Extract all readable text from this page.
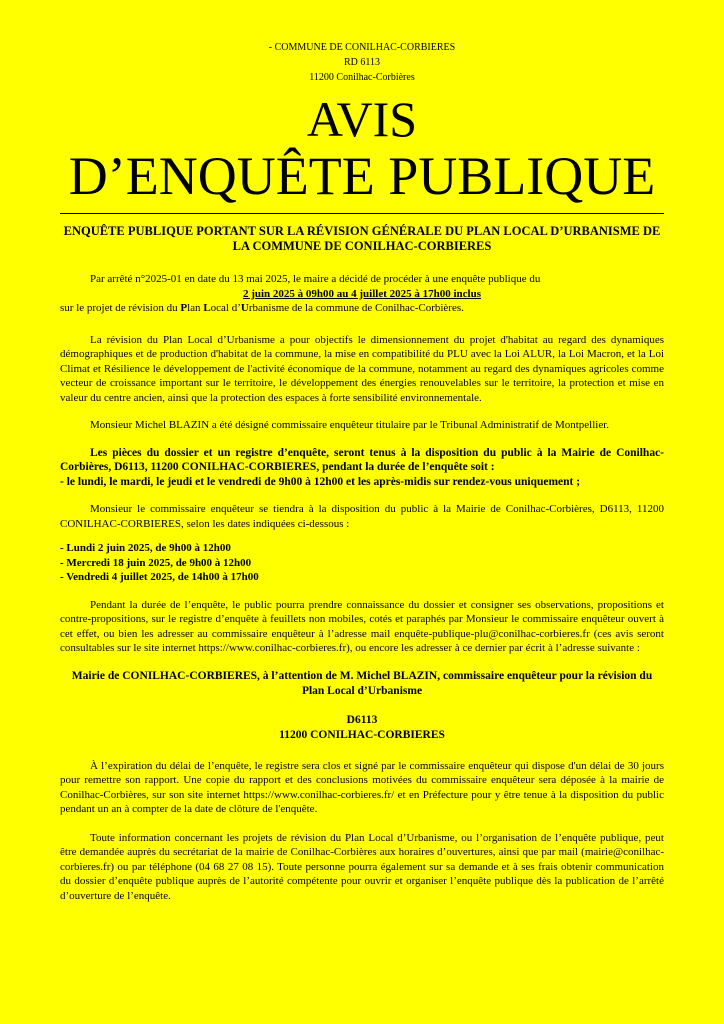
- COMMUNE DE CONILHAC-CORBIERES
RD 6113
11200 Conilhac-Corbières
AVIS
D’ENQUÊTE PUBLIQUE
ENQUÊTE PUBLIQUE PORTANT SUR LA RÉVISION GÉNÉRALE DU PLAN LOCAL D’URBANISME DE LA COMMUNE DE CONILHAC-CORBIERES

Par arrêté n°2025-01 en date du 13 mai 2025, le maire a décidé de procéder à une enquête publique du

2 juin 2025 à 09h00 au 4 juillet 2025 à 17h00 inclus

sur le projet de révision du Plan Local d’Urbanisme de la commune de Conilhac-Corbières.

La révision du Plan Local d’Urbanisme a pour objectifs le dimensionnement du projet d'habitat au regard des dynamiques démographiques et de production d'habitat de la commune, la mise en compatibilité du PLU avec la Loi ALUR, la Loi Macron, et la Loi Climat et Résilience le développement de l'activité économique de la commune, notamment au regard des dynamiques agricoles comme vecteur de croissance important sur le territoire, le développement des énergies renouvelables sur le territoire, la protection et mise en valeur du centre ancien, ainsi que la protection des espaces à forte sensibilité environnementale.

Monsieur Michel BLAZIN a été désigné commissaire enquêteur titulaire par le Tribunal Administratif de Montpellier.

Les pièces du dossier et un registre d’enquête, seront tenus à la disposition du public à la Mairie de Conilhac-Corbières, D6113, 11200 CONILHAC-CORBIERES, pendant la durée de l’enquête soit :

- le lundi, le mardi, le jeudi et le vendredi de 9h00 à 12h00 et les après-midis sur rendez-vous uniquement ;

Monsieur le commissaire enquêteur se tiendra à la disposition du public à la Mairie de Conilhac-Corbières, D6113, 11200 CONILHAC-CORBIERES, selon les dates indiquées ci-dessous :

- Lundi 2 juin 2025, de 9h00 à 12h00
- Mercredi 18 juin 2025, de 9h00 à 12h00
- Vendredi 4 juillet 2025, de 14h00 à 17h00

Pendant la durée de l’enquête, le public pourra prendre connaissance du dossier et consigner ses observations, propositions et contre-propositions, sur le registre d’enquête à feuillets non mobiles, cotés et paraphés par Monsieur le commissaire enquêteur ouvert à cet effet, ou bien les adresser au commissaire enquêteur à l’adresse mail enquête-publique-plu@conilhac-corbieres.fr (ces avis seront consultables sur le site internet https://www.conilhac-corbieres.fr), ou encore les adresser à ce dernier par écrit à l’adresse suivante :

Mairie de CONILHAC-CORBIERES, à l’attention de M. Michel BLAZIN, commissaire enquêteur pour la révision du Plan Local d’Urbanisme
D6113
11200 CONILHAC-CORBIERES

À l’expiration du délai de l’enquête, le registre sera clos et signé par le commissaire enquêteur qui dispose d'un délai de 30 jours pour remettre son rapport. Une copie du rapport et des conclusions motivées du commissaire enquêteur sera déposée à la mairie de Conilhac-Corbières, sur son site internet https://www.conilhac-corbieres.fr/ et en Préfecture pour y être tenue à la disposition du public pendant un an à compter de la date de clôture de l'enquête.

Toute information concernant les projets de révision du Plan Local d’Urbanisme, ou l’organisation de l’enquête publique, peut être demandée auprès du secrétariat de la mairie de Conilhac-Corbières aux horaires d’ouvertures, ainsi que par mail (mairie@conilhac-corbieres.fr) ou par téléphone (04 68 27 08 15). Toute personne pourra également sur sa demande et à ses frais obtenir communication du dossier d’enquête publique auprès de l’autorité compétente pour ouvrir et organiser l’enquête publique dès la publication de l’arrêté d’ouverture de l’enquête.
